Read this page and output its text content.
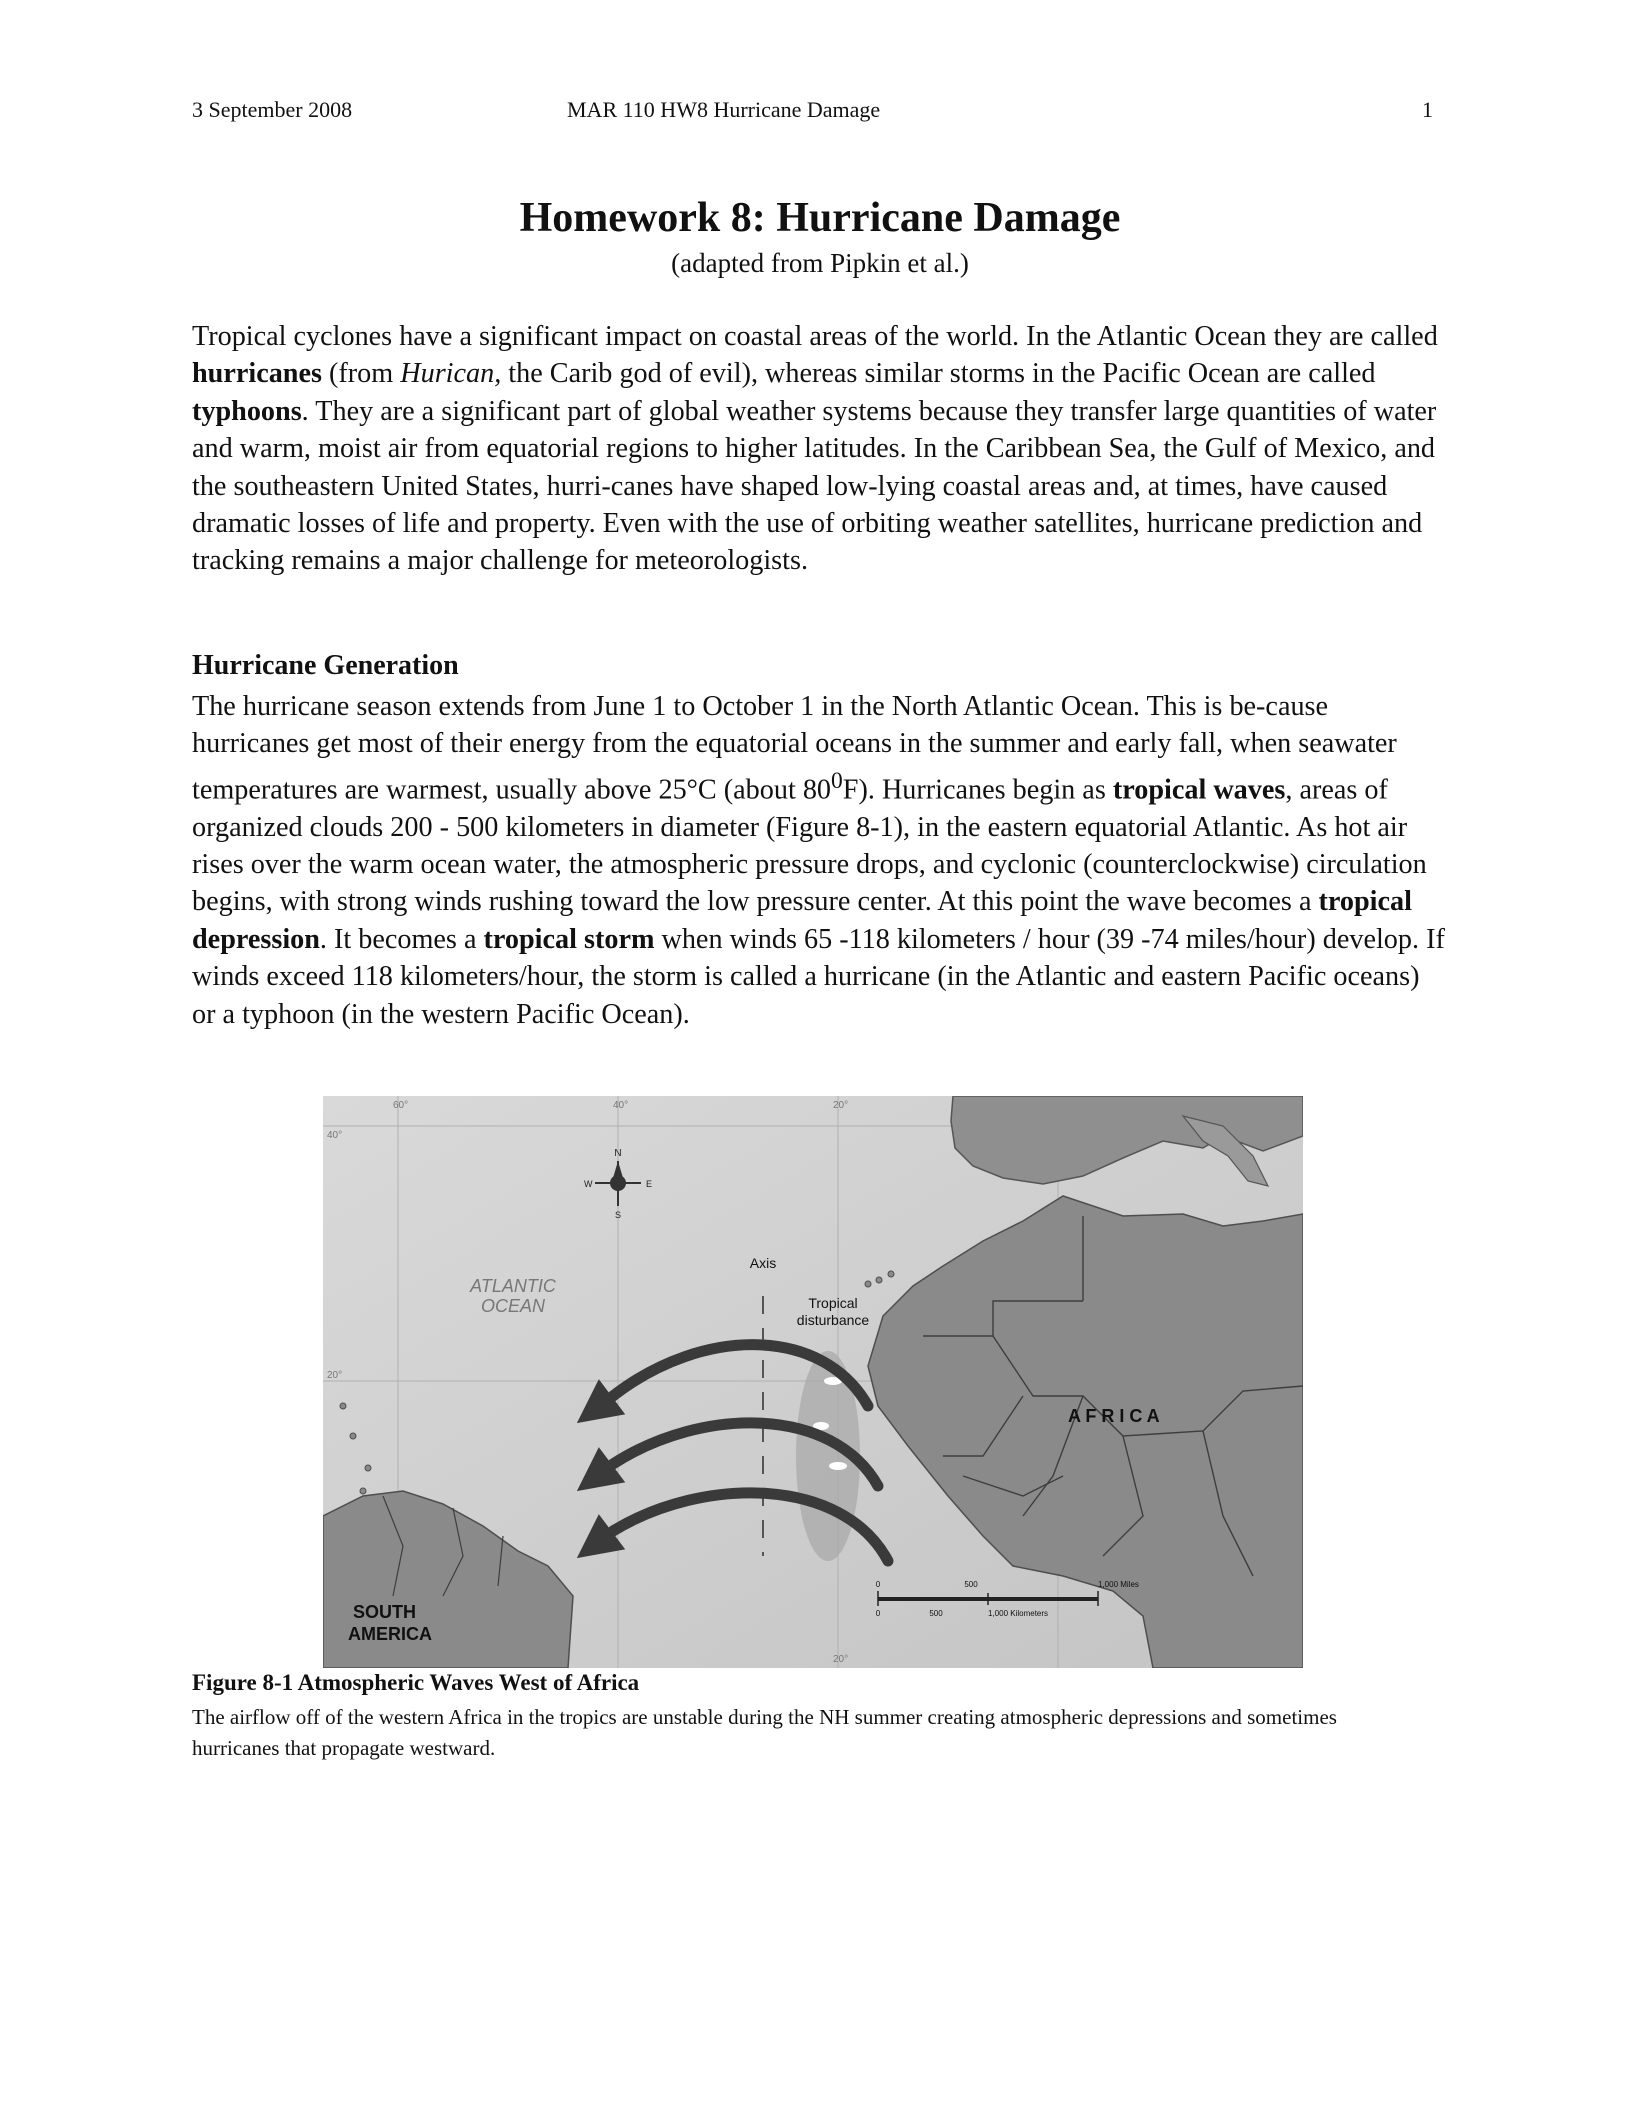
3 September 2008	MAR 110 HW8 Hurricane Damage	1
Homework 8: Hurricane Damage
(adapted from Pipkin et al.)
Tropical cyclones have a significant impact on coastal areas of the world. In the Atlantic Ocean they are called hurricanes (from Hurican, the Carib god of evil), whereas similar storms in the Pacific Ocean are called typhoons. They are a significant part of global weather systems because they transfer large quantities of water and warm, moist air from equatorial regions to higher latitudes. In the Caribbean Sea, the Gulf of Mexico, and the southeastern United States, hurri-canes have shaped low-lying coastal areas and, at times, have caused dramatic losses of life and property. Even with the use of orbiting weather satellites, hurricane prediction and tracking remains a major challenge for meteorologists.
Hurricane Generation
The hurricane season extends from June 1 to October 1 in the North Atlantic Ocean. This is be-cause hurricanes get most of their energy from the equatorial oceans in the summer and early fall, when seawater temperatures are warmest, usually above 25°C (about $80^0F$). Hurricanes begin as tropical waves, areas of organized clouds 200 - 500 kilometers in diameter (Figure 8-1), in the eastern equatorial Atlantic. As hot air rises over the warm ocean water, the atmospheric pressure drops, and cyclonic (counterclockwise) circulation begins, with strong winds rushing toward the low pressure center. At this point the wave becomes a tropical depression. It becomes a tropical storm when winds 65 -118 kilometers / hour (39 -74 miles/hour) develop. If winds exceed 118 kilometers/hour, the storm is called a hurricane (in the Atlantic and eastern Pacific oceans) or a typhoon (in the western Pacific Ocean).
N
S
E
W
60°	40°	20°
40°
20°
20°
ATLANTIC
OCEAN
Axis
Tropical
disturbance
A F R I C A
SOUTH
AMERICA
0	500	1,000 Miles
0	500	1,000 Kilometers
Figure 8-1 Atmospheric Waves West of Africa
The airflow off of the western Africa in the tropics are unstable during the NH summer creating atmospheric depressions and sometimes hurricanes that propagate westward.
